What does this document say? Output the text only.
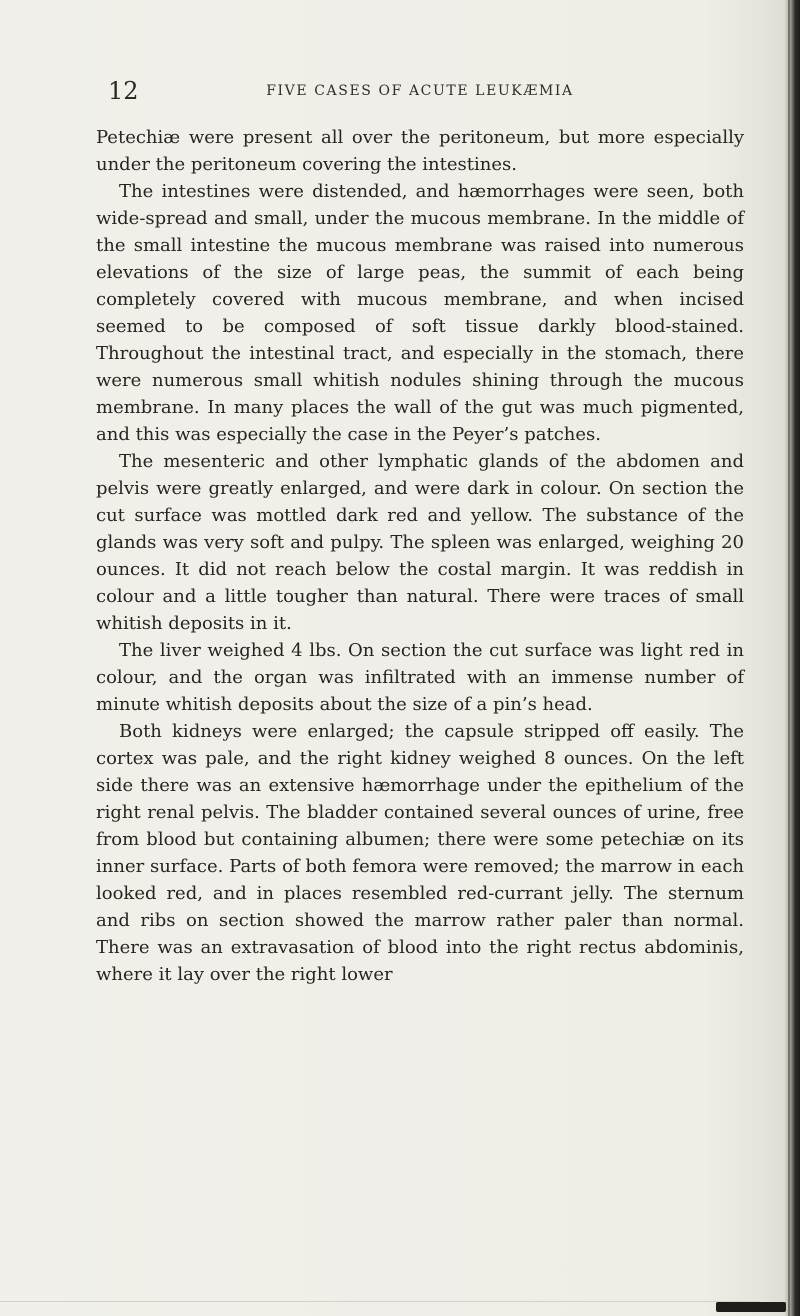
12	FIVE CASES OF ACUTE LEUKÆMIA

Petechiæ were present all over the peritoneum, but more especially under the peritoneum covering the intestines.

The intestines were distended, and hæmorrhages were seen, both wide-spread and small, under the mucous membrane. In the middle of the small intestine the mucous membrane was raised into numerous elevations of the size of large peas, the summit of each being completely covered with mucous membrane, and when incised seemed to be composed of soft tissue darkly blood-stained. Throughout the intestinal tract, and especially in the stomach, there were numerous small whitish nodules shining through the mucous membrane. In many places the wall of the gut was much pigmented, and this was especially the case in the Peyer’s patches.

The mesenteric and other lymphatic glands of the abdomen and pelvis were greatly enlarged, and were dark in colour. On section the cut surface was mottled dark red and yellow. The substance of the glands was very soft and pulpy. The spleen was enlarged, weighing 20 ounces. It did not reach below the costal margin. It was reddish in colour and a little tougher than natural. There were traces of small whitish deposits in it.

The liver weighed 4 lbs. On section the cut surface was light red in colour, and the organ was infiltrated with an immense number of minute whitish deposits about the size of a pin’s head.

Both kidneys were enlarged; the capsule stripped off easily. The cortex was pale, and the right kidney weighed 8 ounces. On the left side there was an extensive hæmorrhage under the epithelium of the right renal pelvis. The bladder contained several ounces of urine, free from blood but containing albumen; there were some petechiæ on its inner surface. Parts of both femora were removed; the marrow in each looked red, and in places resembled red-currant jelly. The sternum and ribs on section showed the marrow rather paler than normal. There was an extravasation of blood into the right rectus abdominis, where it lay over the right lower
